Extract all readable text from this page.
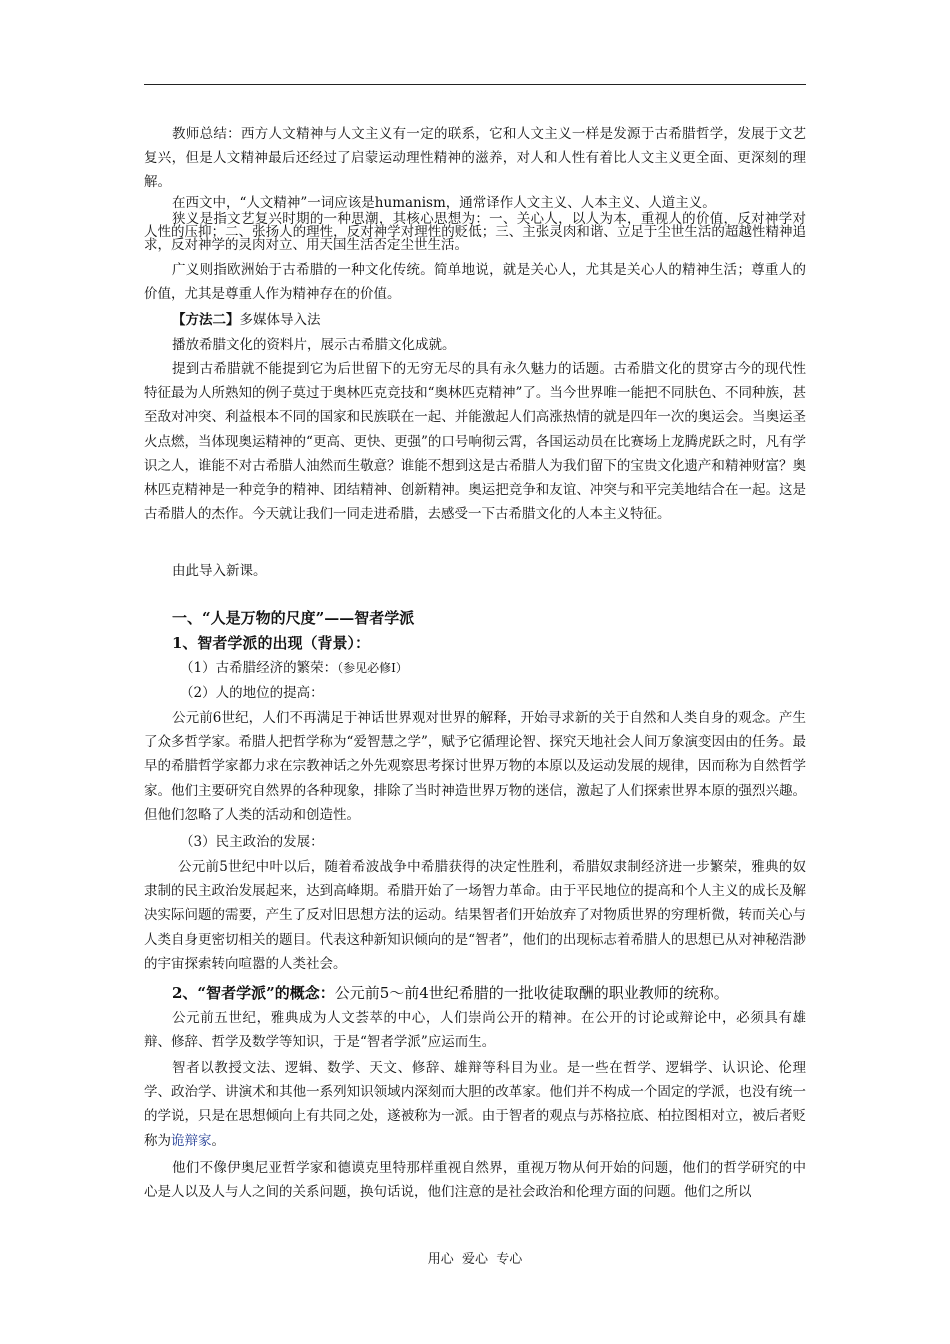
教师总结：西方人文精神与人文主义有一定的联系，它和人文主义一样是发源于古希腊哲学，发展于文艺复兴，但是人文精神最后还经过了启蒙运动理性精神的滋养，对人和人性有着比人文主义更全面、更深刻的理解。

在西文中，“人文精神”一词应该是humanism，通常译作人文主义、人本主义、人道主义。

狭义是指文艺复兴时期的一种思潮，其核心思想为：一、关心人，以人为本，重视人的价值，反对神学对人性的压抑；二、张扬人的理性，反对神学对理性的贬低；三、主张灵肉和谐、立足于尘世生活的超越性精神追求，反对神学的灵肉对立、用天国生活否定尘世生活。

广义则指欧洲始于古希腊的一种文化传统。简单地说，就是关心人，尤其是关心人的精神生活；尊重人的价值，尤其是尊重人作为精神存在的价值。

【方法二】多媒体导入法

播放希腊文化的资料片，展示古希腊文化成就。

提到古希腊就不能提到它为后世留下的无穷无尽的具有永久魅力的话题。古希腊文化的贯穿古今的现代性特征最为人所熟知的例子莫过于奥林匹克竞技和“奥林匹克精神”了。当今世界唯一能把不同肤色、不同种族，甚至敌对冲突、利益根本不同的国家和民族联在一起、并能激起人们高涨热情的就是四年一次的奥运会。当奥运圣火点燃，当体现奥运精神的“更高、更快、更强”的口号响彻云霄，各国运动员在比赛场上龙腾虎跃之时，凡有学识之人，谁能不对古希腊人油然而生敬意？谁能不想到这是古希腊人为我们留下的宝贵文化遗产和精神财富？奥林匹克精神是一种竞争的精神、团结精神、创新精神。奥运把竞争和友谊、冲突与和平完美地结合在一起。这是古希腊人的杰作。今天就让我们一同走进希腊，去感受一下古希腊文化的人本主义特征。

由此导入新课。

一、“人是万物的尺度”——智者学派

1、智者学派的出现（背景）：

（1）古希腊经济的繁荣：（参见必修Ⅰ）

（2）人的地位的提高：

公元前6世纪，人们不再满足于神话世界观对世界的解释，开始寻求新的关于自然和人类自身的观念。产生了众多哲学家。希腊人把哲学称为“爱智慧之学”，赋予它循理论智、探究天地社会人间万象演变因由的任务。最早的希腊哲学家都力求在宗教神话之外先观察思考探讨世界万物的本原以及运动发展的规律，因而称为自然哲学家。他们主要研究自然界的各种现象，排除了当时神造世界万物的迷信，激起了人们探索世界本原的强烈兴趣。但他们忽略了人类的活动和创造性。

（3）民主政治的发展：

公元前5世纪中叶以后，随着希波战争中希腊获得的决定性胜利，希腊奴隶制经济进一步繁荣，雅典的奴隶制的民主政治发展起来，达到高峰期。希腊开始了一场智力革命。由于平民地位的提高和个人主义的成长及解决实际问题的需要，产生了反对旧思想方法的运动。结果智者们开始放弃了对物质世界的穷理析微，转而关心与人类自身更密切相关的题目。代表这种新知识倾向的是“智者”，他们的出现标志着希腊人的思想已从对神秘浩渺的宇宙探索转向喧嚣的人类社会。

2、“智者学派”的概念：公元前5～前4世纪希腊的一批收徒取酬的职业教师的统称。

公元前五世纪，雅典成为人文荟萃的中心，人们崇尚公开的精神。在公开的讨论或辩论中，必须具有雄辩、修辞、哲学及数学等知识，于是“智者学派”应运而生。

智者以教授文法、逻辑、数学、天文、修辞、雄辩等科目为业。是一些在哲学、逻辑学、认识论、伦理学、政治学、讲演术和其他一系列知识领域内深刻而大胆的改革家。他们并不构成一个固定的学派，也没有统一的学说，只是在思想倾向上有共同之处，遂被称为一派。由于智者的观点与苏格拉底、柏拉图相对立，被后者贬称为诡辩家。

他们不像伊奥尼亚哲学家和德谟克里特那样重视自然界，重视万物从何开始的问题，他们的哲学研究的中心是人以及人与人之间的关系问题，换句话说，他们注意的是社会政治和伦理方面的问题。他们之所以

用心  爱心  专心
